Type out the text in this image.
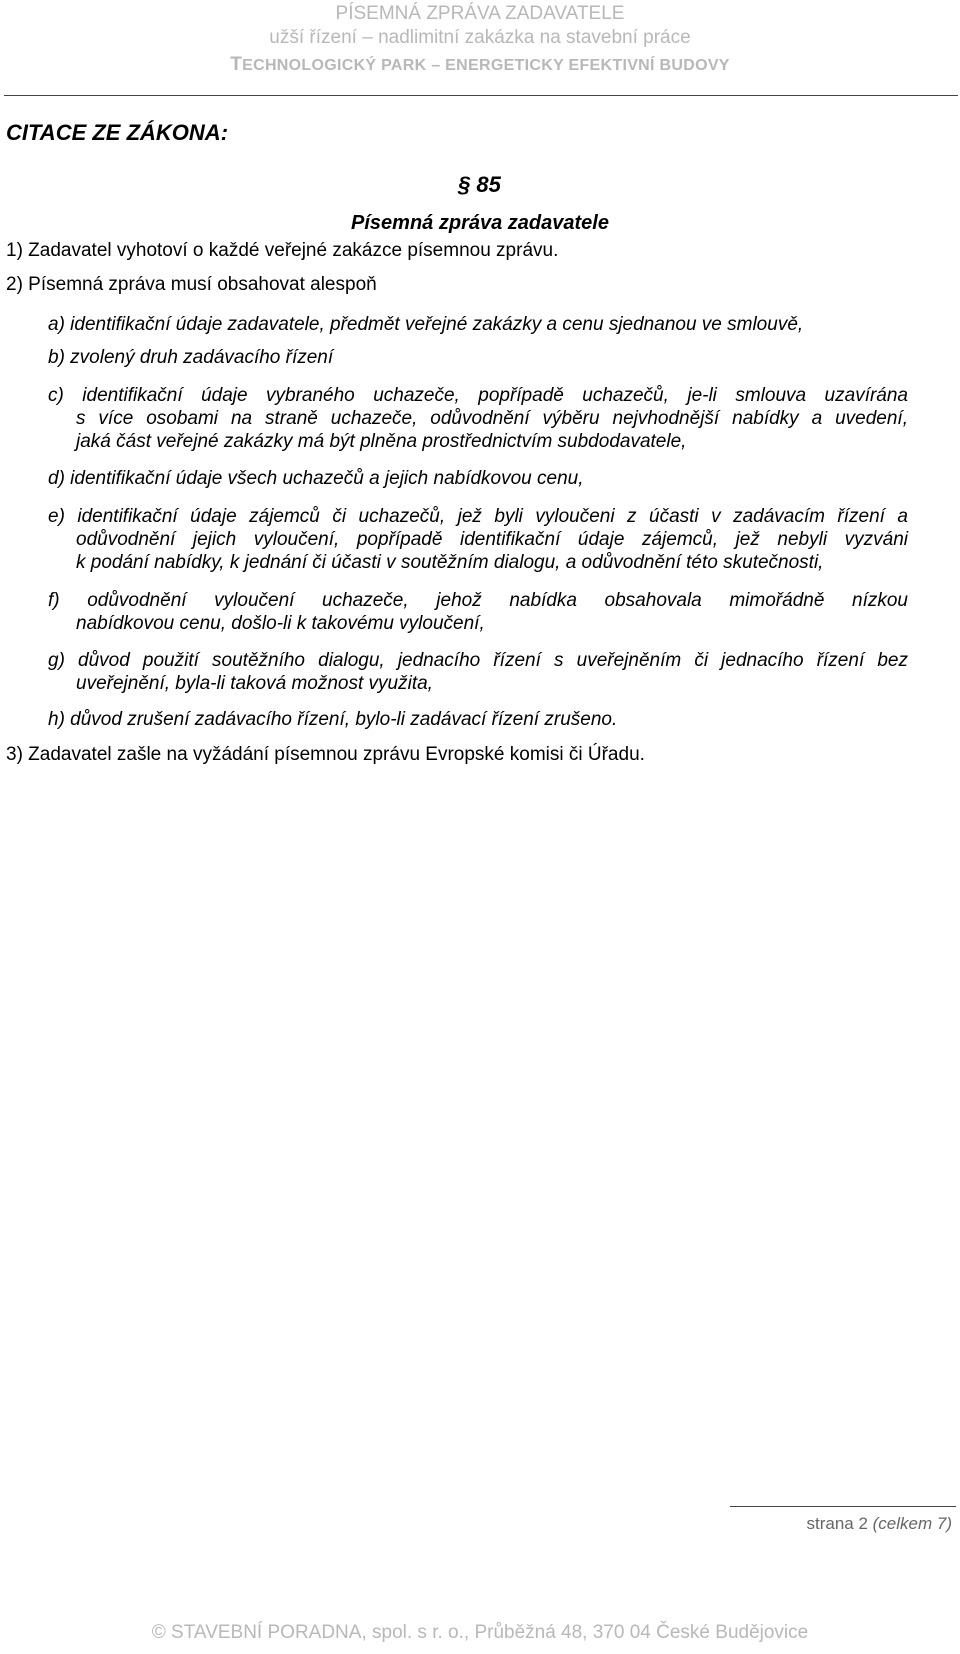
PÍSEMNÁ ZPRÁVA ZADAVATELE
užší řízení – nadlimitní zakázka na stavební práce
TECHNOLOGICKÝ PARK – ENERGETICKY EFEKTIVNÍ BUDOVY
CITACE ZE ZÁKONA:
§ 85
Písemná zpráva zadavatele
1) Zadavatel vyhotoví o každé veřejné zakázce písemnou zprávu.
2) Písemná zpráva musí obsahovat alespoň
a) identifikační údaje zadavatele, předmět veřejné zakázky a cenu sjednanou ve smlouvě,
b) zvolený druh zadávacího řízení
c) identifikační údaje vybraného uchazeče, popřípadě uchazečů, je-li smlouva uzavírána
s více osobami na straně uchazeče, odůvodnění výběru nejvhodnější nabídky a uvedení,
jaká část veřejné zakázky má být plněna prostřednictvím subdodavatele,
d) identifikační údaje všech uchazečů a jejich nabídkovou cenu,
e) identifikační údaje zájemců či uchazečů, jež byli vyloučeni z účasti v zadávacím řízení a
odůvodnění jejich vyloučení, popřípadě identifikační údaje zájemců, jež nebyli vyzváni
k podání nabídky, k jednání či účasti v soutěžním dialogu, a odůvodnění této skutečnosti,
f) odůvodnění vyloučení uchazeče, jehož nabídka obsahovala mimořádně nízkou
nabídkovou cenu, došlo-li k takovému vyloučení,
g) důvod použití soutěžního dialogu, jednacího řízení s uveřejněním či jednacího řízení bez
uveřejnění, byla-li taková možnost využita,
h) důvod zrušení zadávacího řízení, bylo-li zadávací řízení zrušeno.
3) Zadavatel zašle na vyžádání písemnou zprávu Evropské komisi či Úřadu.
strana 2 (celkem 7)
© STAVEBNÍ PORADNA, spol. s r. o., Průběžná 48, 370 04 České Budějovice
